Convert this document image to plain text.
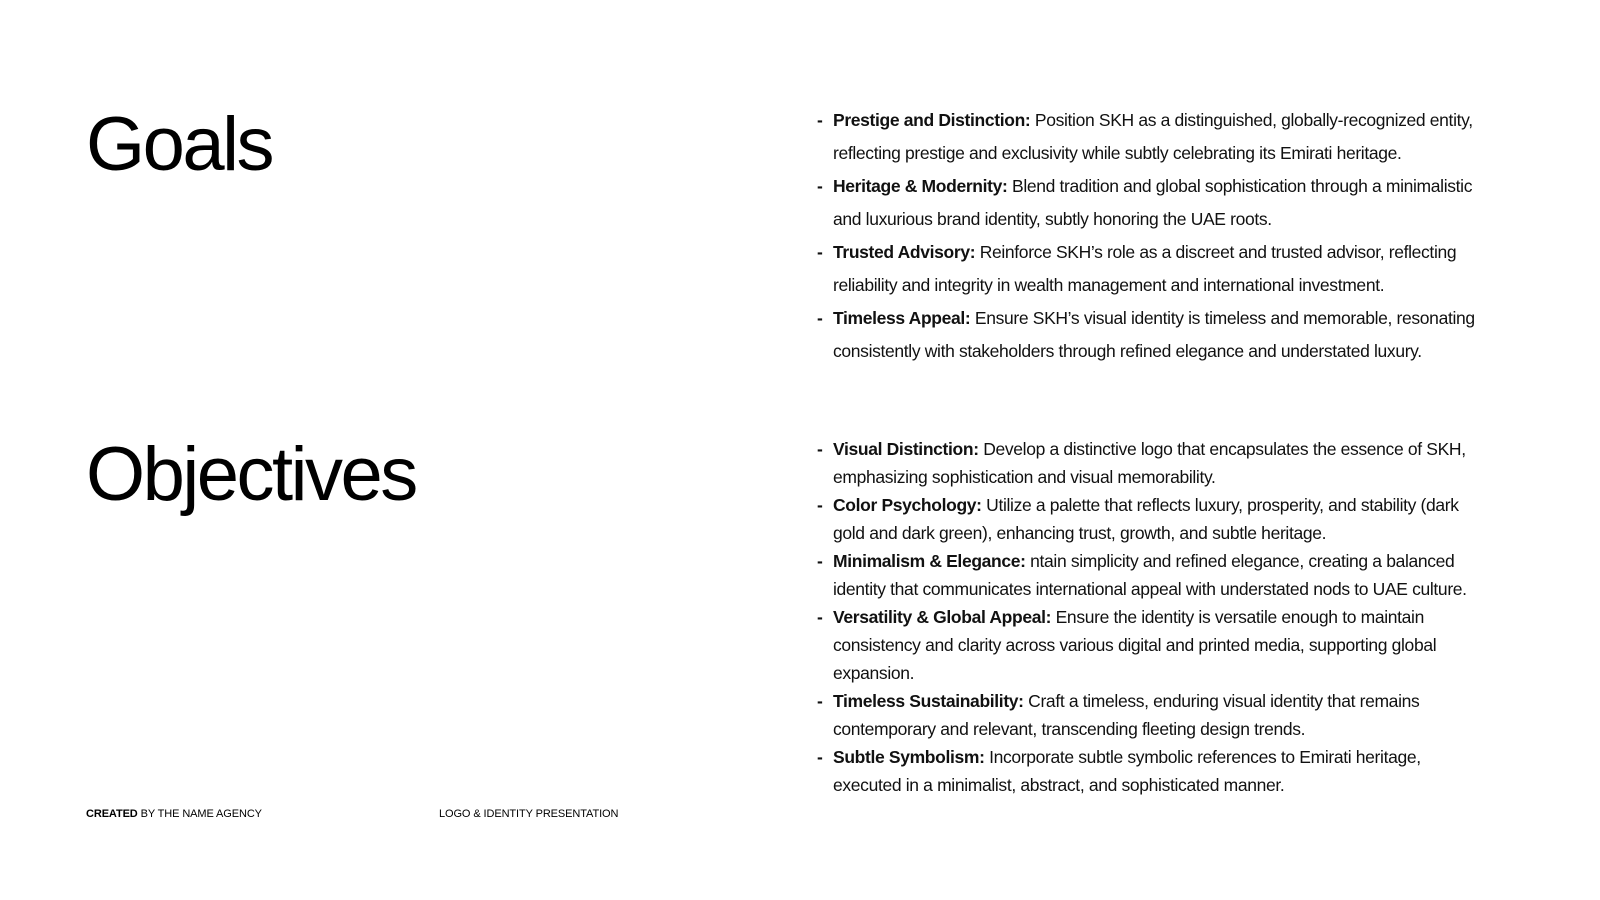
Goals	- Prestige and Distinction: Position SKH as a distinguished, globally-recognized entity, reflecting prestige and exclusivity while subtly celebrating its Emirati heritage.
- Heritage & Modernity: Blend tradition and global sophistication through a minimalistic and luxurious brand identity, subtly honoring the UAE roots.
- Trusted Advisory: Reinforce SKH’s role as a discreet and trusted advisor, reflecting reliability and integrity in wealth management and international investment.
- Timeless Appeal: Ensure SKH’s visual identity is timeless and memorable, resonating consistently with stakeholders through refined elegance and understated luxury.
Objectives	- Visual Distinction: Develop a distinctive logo that encapsulates the essence of SKH, emphasizing sophistication and visual memorability.
- Color Psychology: Utilize a palette that reflects luxury, prosperity, and stability (dark gold and dark green), enhancing trust, growth, and subtle heritage.
- Minimalism & Elegance: ntain simplicity and refined elegance, creating a balanced identity that communicates international appeal with understated nods to UAE culture.
- Versatility & Global Appeal: Ensure the identity is versatile enough to maintain consistency and clarity across various digital and printed media, supporting global expansion.
- Timeless Sustainability: Craft a timeless, enduring visual identity that remains contemporary and relevant, transcending fleeting design trends.
- Subtle Symbolism: Incorporate subtle symbolic references to Emirati heritage, executed in a minimalist, abstract, and sophisticated manner.

CREATED BY THE NAME AGENCY	LOGO & IDENTITY PRESENTATION
